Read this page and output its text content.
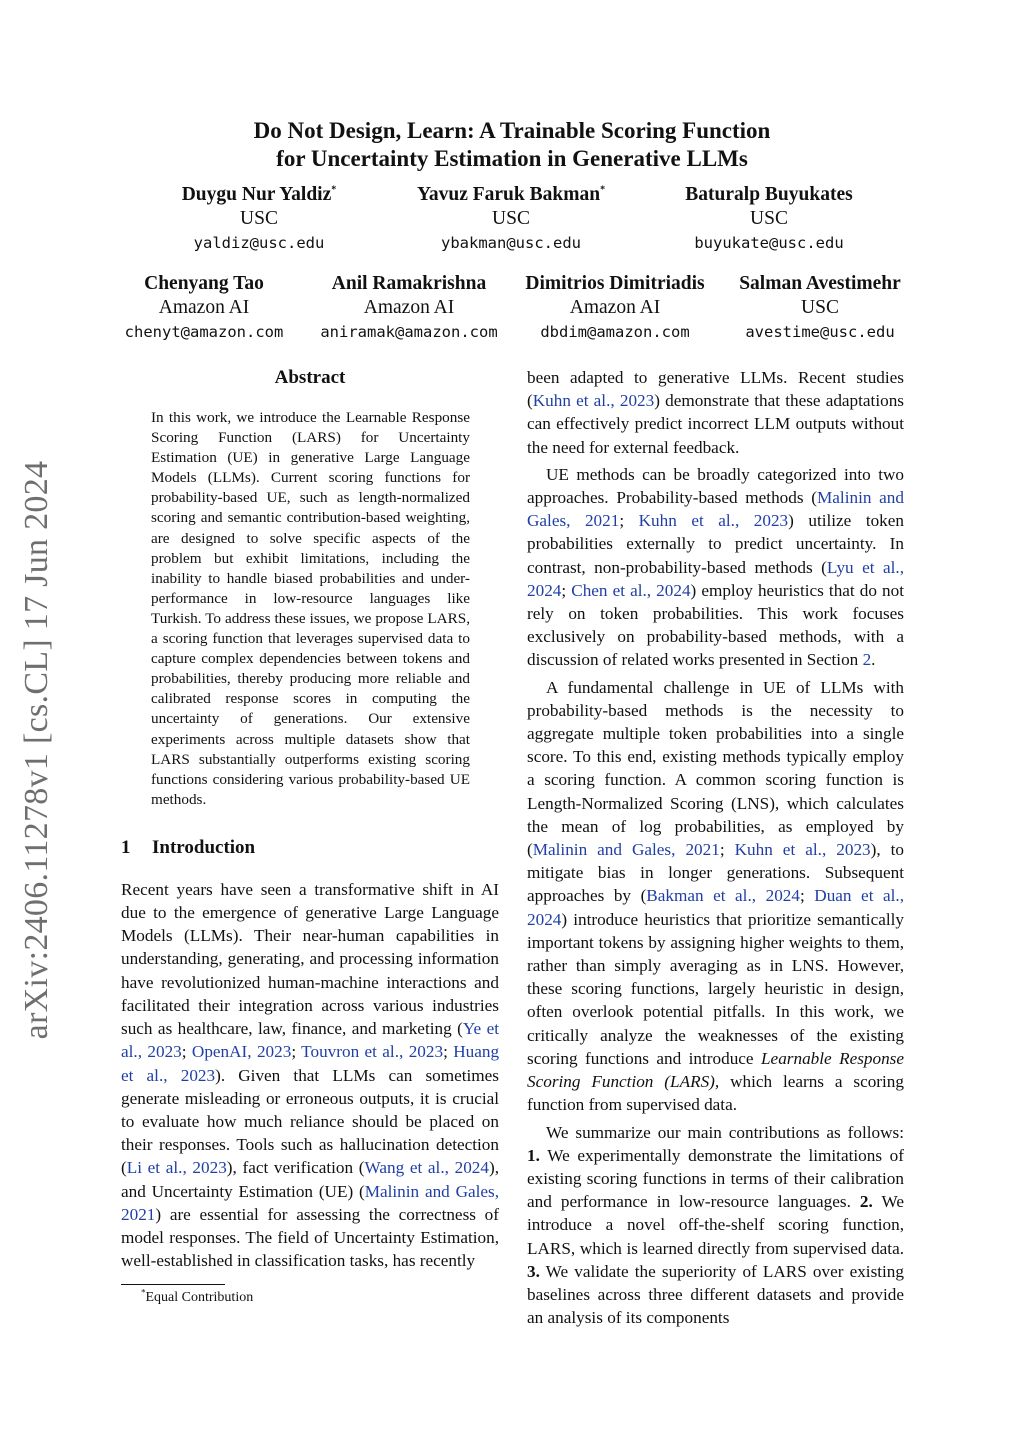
arXiv:2406.11278v1 [cs.CL] 17 Jun 2024
Do Not Design, Learn: A Trainable Scoring Function
for Uncertainty Estimation in Generative LLMs
Duygu Nur Yaldiz*
USC
yaldiz@usc.edu
Yavuz Faruk Bakman*
USC
ybakman@usc.edu
Baturalp Buyukates
USC
buyukate@usc.edu
Chenyang Tao
Amazon AI
chenyt@amazon.com
Anil Ramakrishna
Amazon AI
aniramak@amazon.com
Dimitrios Dimitriadis
Amazon AI
dbdim@amazon.com
Salman Avestimehr
USC
avestime@usc.edu
Abstract

In this work, we introduce the Learnable Response Scoring Function (LARS) for Uncertainty Estimation (UE) in generative Large Language Models (LLMs). Current scoring functions for probability-based UE, such as length-normalized scoring and semantic contribution-based weighting, are designed to solve specific aspects of the problem but exhibit limitations, including the inability to handle biased probabilities and under-performance in low-resource languages like Turkish. To address these issues, we propose LARS, a scoring function that leverages supervised data to capture complex dependencies between tokens and probabilities, thereby producing more reliable and calibrated response scores in computing the uncertainty of generations. Our extensive experiments across multiple datasets show that LARS substantially outperforms existing scoring functions considering various probability-based UE methods.

1 Introduction

Recent years have seen a transformative shift in AI due to the emergence of generative Large Language Models (LLMs). Their near-human capabilities in understanding, generating, and processing information have revolutionized human-machine interactions and facilitated their integration across various industries such as healthcare, law, finance, and marketing (Ye et al., 2023; OpenAI, 2023; Touvron et al., 2023; Huang et al., 2023). Given that LLMs can sometimes generate misleading or erroneous outputs, it is crucial to evaluate how much reliance should be placed on their responses. Tools such as hallucination detection (Li et al., 2023), fact verification (Wang et al., 2024), and Uncertainty Estimation (UE) (Malinin and Gales, 2021) are essential for assessing the correctness of model responses. The field of Uncertainty Estimation, well-established in classification tasks, has recently

*Equal Contribution

been adapted to generative LLMs. Recent studies (Kuhn et al., 2023) demonstrate that these adaptations can effectively predict incorrect LLM outputs without the need for external feedback.

UE methods can be broadly categorized into two approaches. Probability-based methods (Malinin and Gales, 2021; Kuhn et al., 2023) utilize token probabilities externally to predict uncertainty. In contrast, non-probability-based methods (Lyu et al., 2024; Chen et al., 2024) employ heuristics that do not rely on token probabilities. This work focuses exclusively on probability-based methods, with a discussion of related works presented in Section 2.

A fundamental challenge in UE of LLMs with probability-based methods is the necessity to aggregate multiple token probabilities into a single score. To this end, existing methods typically employ a scoring function. A common scoring function is Length-Normalized Scoring (LNS), which calculates the mean of log probabilities, as employed by (Malinin and Gales, 2021; Kuhn et al., 2023), to mitigate bias in longer generations. Subsequent approaches by (Bakman et al., 2024; Duan et al., 2024) introduce heuristics that prioritize semantically important tokens by assigning higher weights to them, rather than simply averaging as in LNS. However, these scoring functions, largely heuristic in design, often overlook potential pitfalls. In this work, we critically analyze the weaknesses of the existing scoring functions and introduce Learnable Response Scoring Function (LARS), which learns a scoring function from supervised data.

We summarize our main contributions as follows: 1. We experimentally demonstrate the limitations of existing scoring functions in terms of their calibration and performance in low-resource languages. 2. We introduce a novel off-the-shelf scoring function, LARS, which is learned directly from supervised data. 3. We validate the superiority of LARS over existing baselines across three different datasets and provide an analysis of its components
